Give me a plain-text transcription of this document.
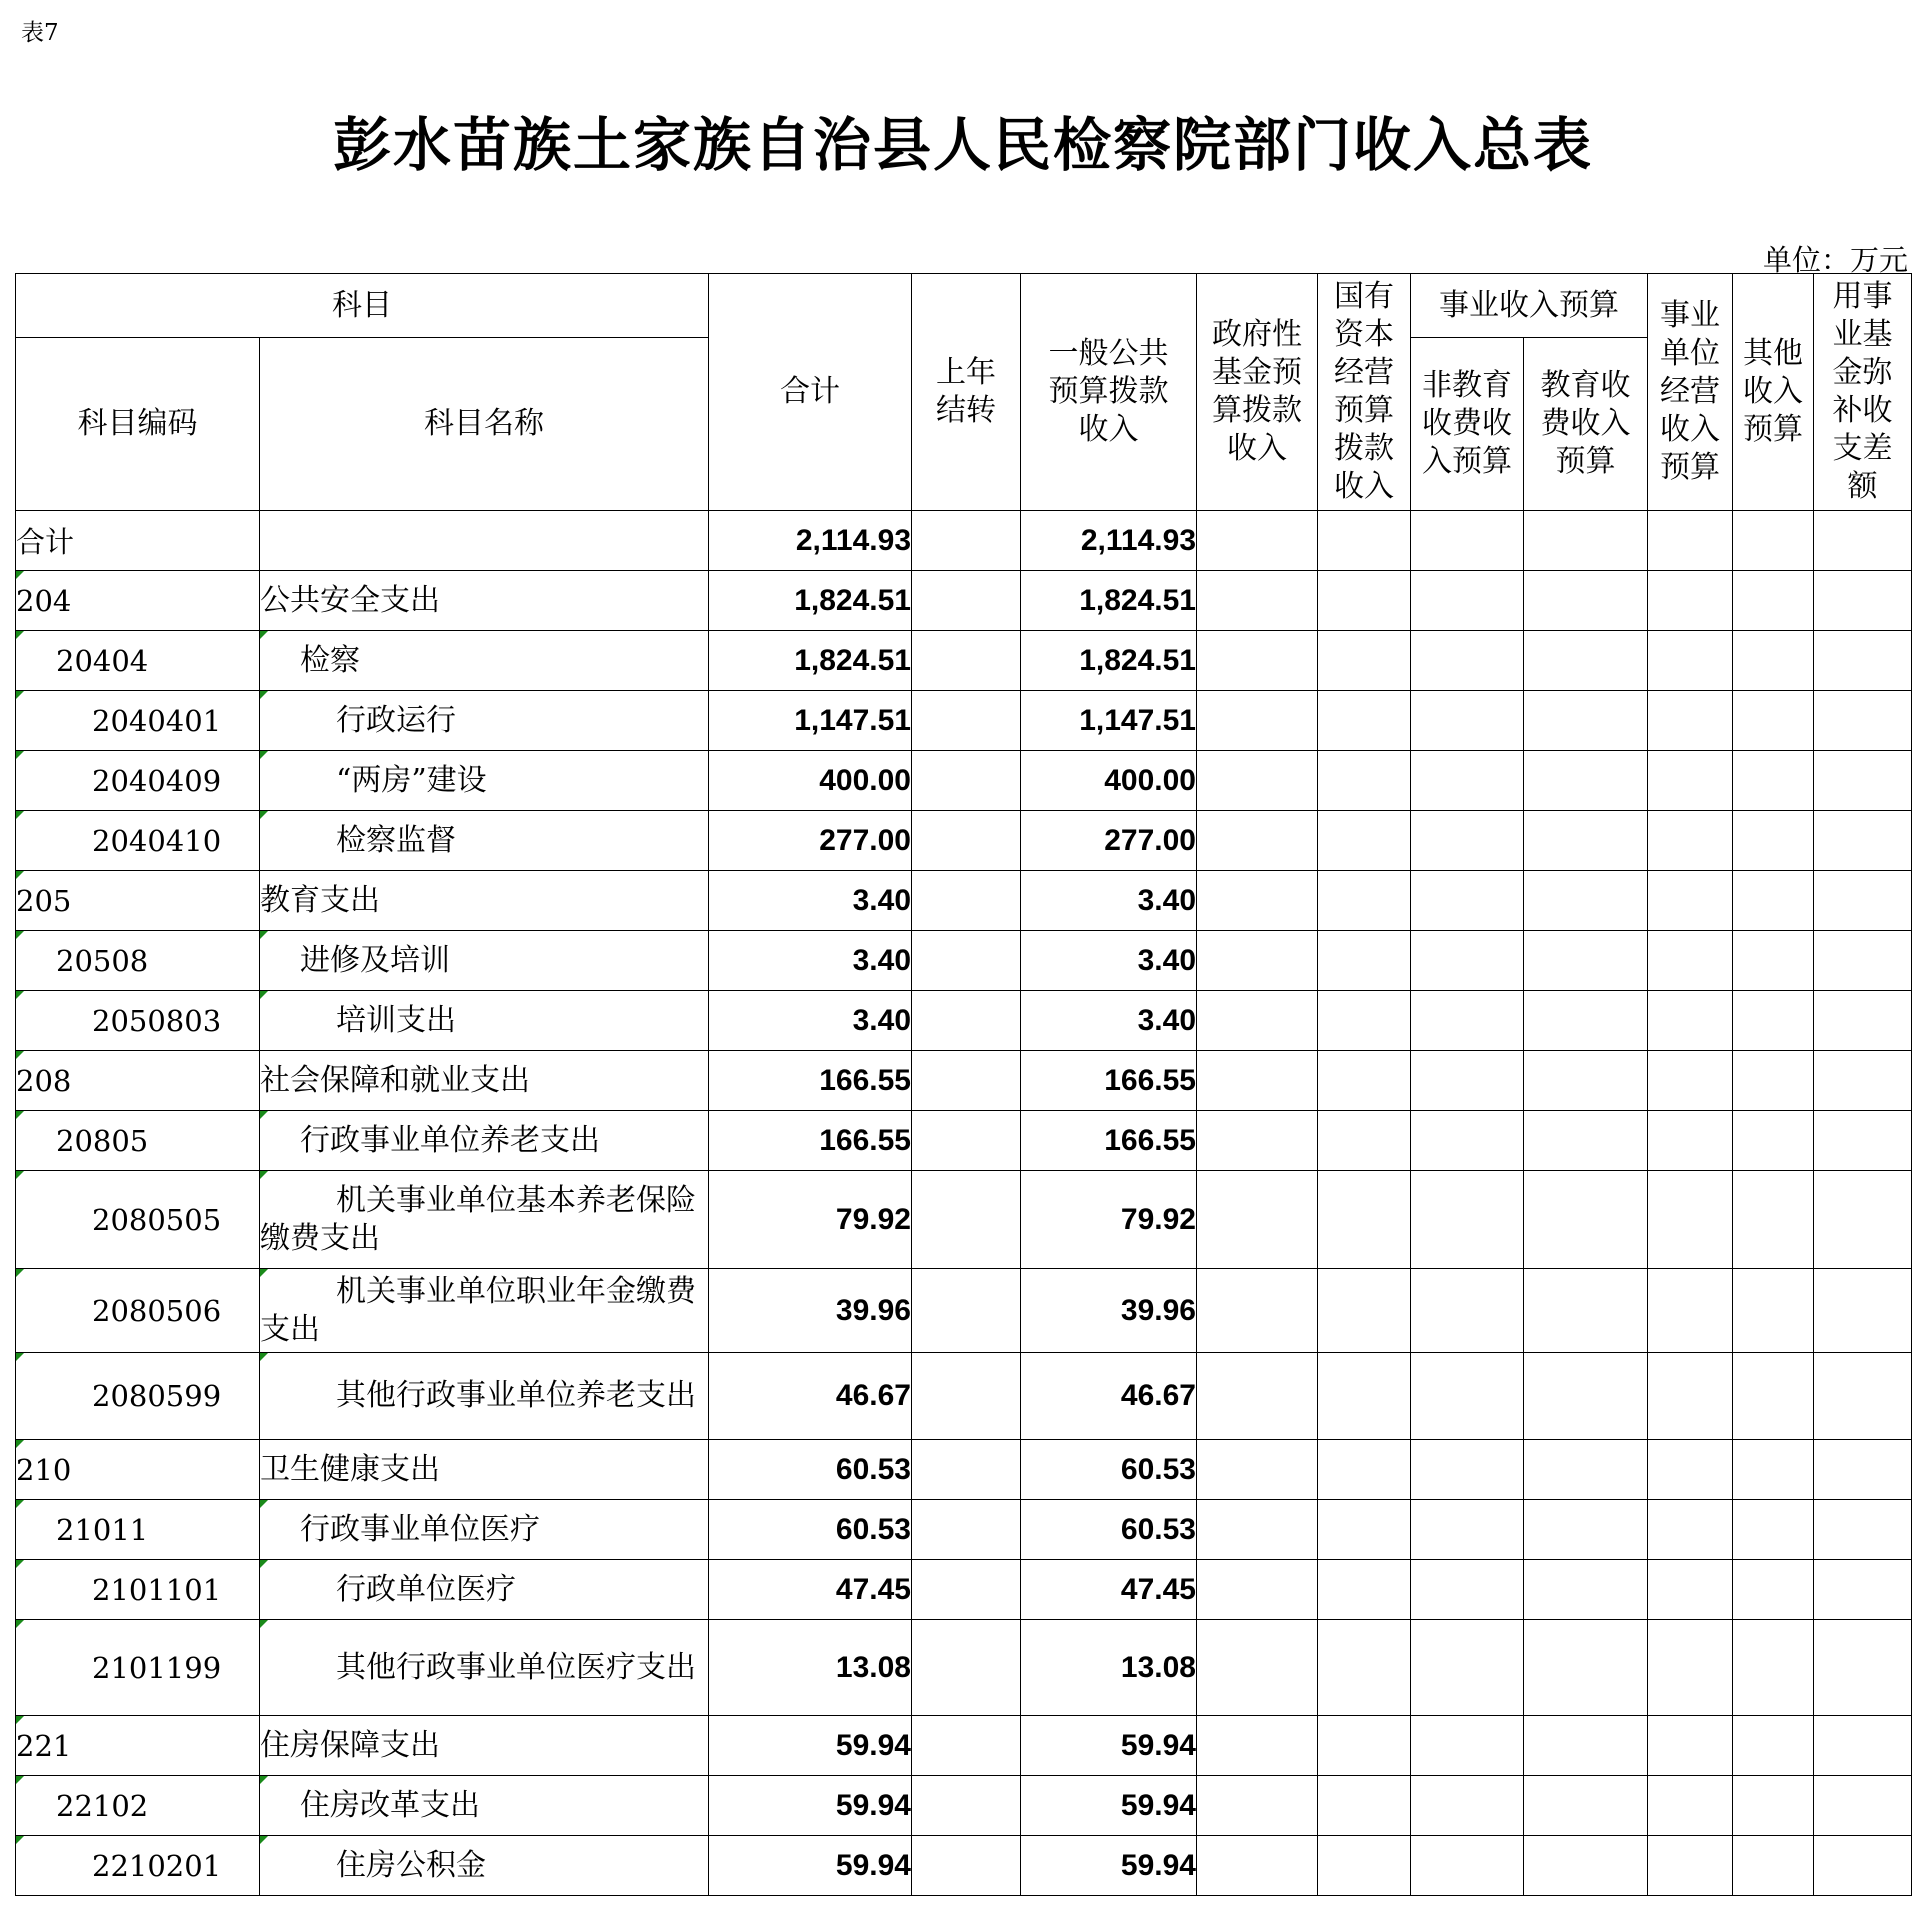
表7
彭水苗族土家族自治县人民检察院部门收入总表
单位：万元
科目		合计	上年结转	一般公共预算拨款收入	政府性基金预算拨款收入	国有资本经营预算拨款收入	事业收入预算		事业单位经营收入预算	其他收入预算	用事业基金弥补收支差额
科目编码	科目名称						非教育收费收入预算	教育收费收入预算			
合计		2,114.93		2,114.93							

204	公共安全支出	1,824.51		1,824.51							

20404	检察	1,824.51		1,824.51							

2040401	行政运行	1,147.51		1,147.51							

2040409	“两房”建设	400.00		400.00							

2040410	检察监督	277.00		277.00							

205	教育支出	3.40		3.40							

20508	进修及培训	3.40		3.40							

2050803	培训支出	3.40		3.40							

208	社会保障和就业支出	166.55		166.55							

20805	行政事业单位养老支出	166.55		166.55							

2080505	机关事业单位基本养老保险缴费支出	79.92		79.92							

2080506	机关事业单位职业年金缴费支出	39.96		39.96							

2080599	其他行政事业单位养老支出	46.67		46.67							

210	卫生健康支出	60.53		60.53							

21011	行政事业单位医疗	60.53		60.53							

2101101	行政单位医疗	47.45		47.45							

2101199	其他行政事业单位医疗支出	13.08		13.08							

221	住房保障支出	59.94		59.94							

22102	住房改革支出	59.94		59.94							

2210201	住房公积金	59.94		59.94							
